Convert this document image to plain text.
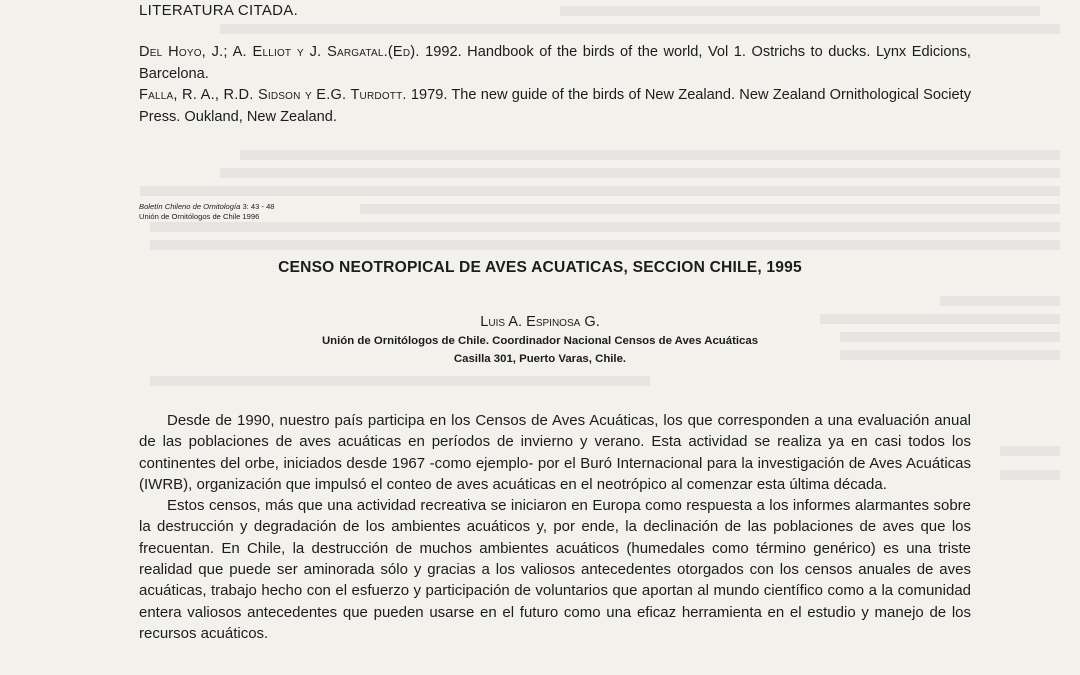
LITERATURA CITADA.
Del Hoyo, J.; A. Elliot y J. Sargatal.(Ed). 1992. Handbook of the birds of the world, Vol 1. Ostrichs to ducks. Lynx Edicions, Barcelona.
Falla, R. A., R.D. Sidson y E.G. Turdott. 1979. The new guide of the birds of New Zealand. New Zealand Ornithological Society Press. Oukland, New Zealand.
Boletín Chileno de Ornitología 3: 43 - 48
Unión de Ornitólogos de Chile 1996
CENSO NEOTROPICAL DE AVES ACUATICAS, SECCION CHILE, 1995
Luis A. Espinosa G.
Unión de Ornitólogos de Chile. Coordinador Nacional Censos de Aves Acuáticas
Casilla 301, Puerto Varas, Chile.

Desde de 1990, nuestro país participa en los Censos de Aves Acuáticas, los que corresponden a una evaluación anual de las poblaciones de aves acuáticas en períodos de invierno y verano. Esta actividad se realiza ya en casi todos los continentes del orbe, iniciados desde 1967 -como ejemplo- por el Buró Internacional para la investigación de Aves Acuáticas (IWRB), organización que impulsó el conteo de aves acuáticas en el neotrópico al comenzar esta última década.

Estos censos, más que una actividad recreativa se iniciaron en Europa como respuesta a los informes alarmantes sobre la destrucción y degradación de los ambientes acuáticos y, por ende, la declinación de las poblaciones de aves que los frecuentan. En Chile, la destrucción de muchos ambientes acuáticos (humedales como término genérico) es una triste realidad que puede ser aminorada sólo y gracias a los valiosos antecedentes otorgados con los censos anuales de aves acuáticas, trabajo hecho con el esfuerzo y participación de voluntarios que aportan al mundo científico como a la comunidad entera valiosos antecedentes que pueden usarse en el futuro como una eficaz herramienta en el estudio y manejo de los recursos acuáticos.
